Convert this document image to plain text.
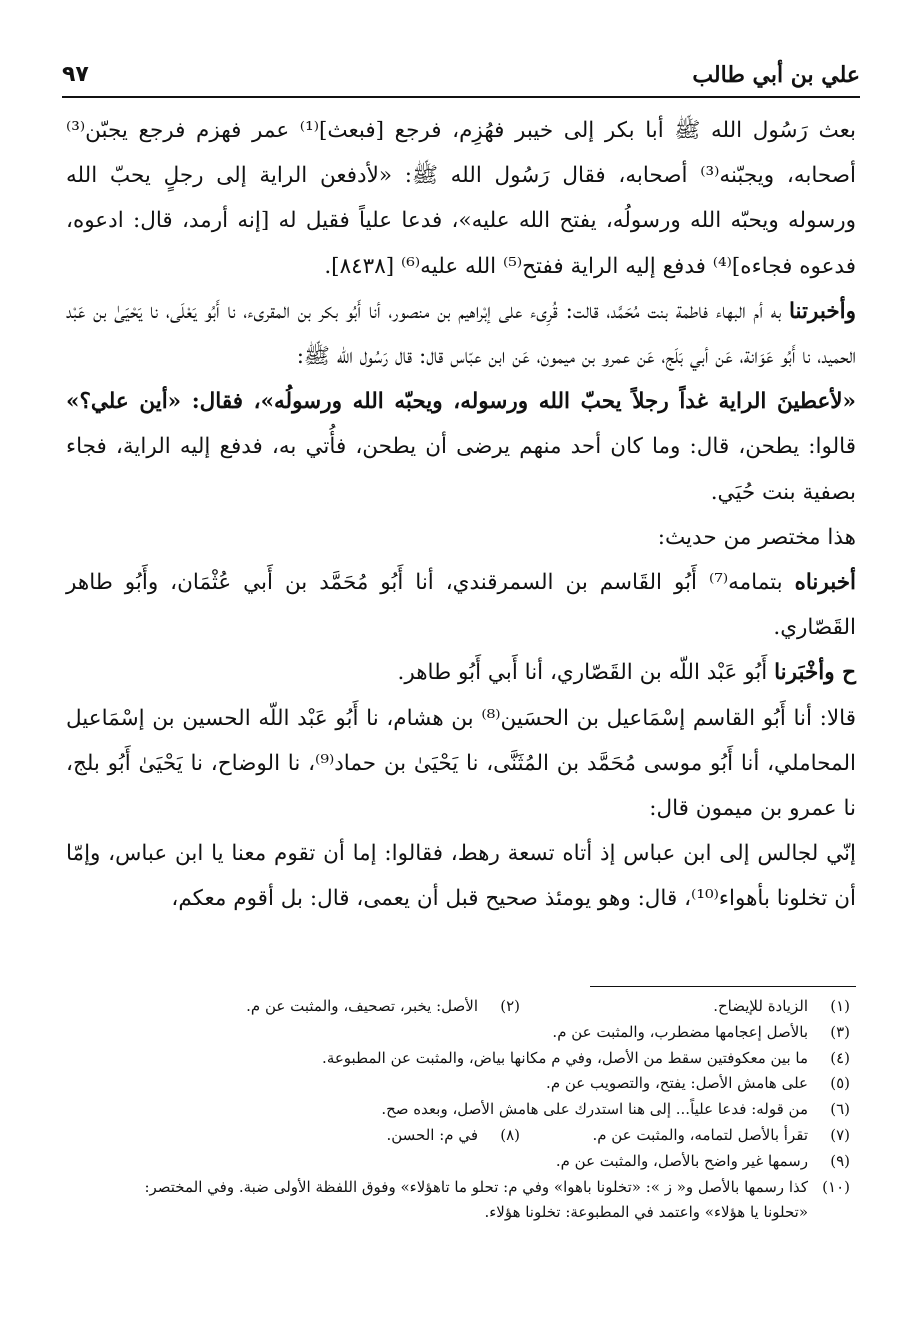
علي بن أبي طالب
٩٧

بعث رَسُول الله ﷺ أبا بكر إلى خيبر فهُزِم، فرجع [فبعث]⁽¹⁾ عمر فهزم فرجع يجبّن⁽³⁾ أصحابه، ويجبّنه⁽³⁾ أصحابه، فقال رَسُول الله ﷺ: «لأدفعن الراية إلى رجلٍ يحبّ الله ورسوله ويحبّه الله ورسولُه، يفتح الله عليه»، فدعا علياً فقيل له [إنه أرمد، قال: ادعوه، فدعوه فجاءه]⁽⁴⁾ فدفع إليه الراية ففتح⁽⁵⁾ الله عليه⁽⁶⁾ [٨٤٣٨].

وأخبرتنا به أم البهاء فاطمة بنت مُحَمَّد، قالت: قُرِىء على إبْراهيم بن منصور، أنا أَبُو بكر بن المقرىء، نا أَبُو يَعْلَى، نا يَحْيَىٰ بن عَبْد الحميد، نا أَبُو عَوَانة، عَن أبي بَلَج، عَن عمرو بن ميمون، عَن ابن عبّاس قال: قال رَسُول الله ﷺ:

«لأعطينَ الراية غداً رجلاً يحبّ الله ورسوله، ويحبّه الله ورسولُه»، فقال: «أين علي؟» قالوا: يطحن، قال: وما كان أحد منهم يرضى أن يطحن، فأُتي به، فدفع إليه الراية، فجاء بصفية بنت حُيَي.

هذا مختصر من حديث:

أخبرناه بتمامه⁽⁷⁾ أَبُو القَاسم بن السمرقندي، أنا أَبُو مُحَمَّد بن أَبي عُثْمَان، وأَبُو طاهر القَصّاري.

ح وأخْبَرنا أَبُو عَبْد اللّه بن القَصّاري، أنا أَبي أَبُو طاهر.

قالا: أنا أَبُو القاسم إسْمَاعيل بن الحسَين⁽⁸⁾ بن هشام، نا أَبُو عَبْد اللّه الحسين بن إسْمَاعيل المحاملي، أنا أَبُو موسى مُحَمَّد بن المُثَنَّى، نا يَحْيَىٰ بن حماد⁽⁹⁾، نا الوضاح، نا يَحْيَىٰ أَبُو بلج، نا عمرو بن ميمون قال:

إنّي لجالس إلى ابن عباس إذ أتاه تسعة رهط، فقالوا: إما أن تقوم معنا يا ابن عباس، وإمّا أن تخلونا بأهواء⁽¹⁰⁾، قال: وهو يومئذ صحيح قبل أن يعمى، قال: بل أقوم معكم،

(١)
الزيادة للإيضاح.
(٢)
الأصل: يخبر، تصحيف، والمثبت عن م.
(٣)
بالأصل إعجامها مضطرب، والمثبت عن م.
(٤)
ما بين معكوفتين سقط من الأصل، وفي م مكانها بياض، والمثبت عن المطبوعة.
(٥)
على هامش الأصل: يفتح، والتصويب عن م.
(٦)
من قوله: فدعا علياً... إلى هنا استدرك على هامش الأصل، وبعده صح.
(٧)
تقرأ بالأصل لتمامه، والمثبت عن م.
(٨)
في م: الحسن.
(٩)
رسمها غير واضح بالأصل، والمثبت عن م.
(١٠)
كذا رسمها بالأصل و« ز »: «تخلونا باهوا» وفي م: تحلو ما تاهؤلاء» وفوق اللفظة الأولى ضبة. وفي المختصر:
«تحلونا يا هؤلاء» واعتمد في المطبوعة: تخلونا هؤلاء.
